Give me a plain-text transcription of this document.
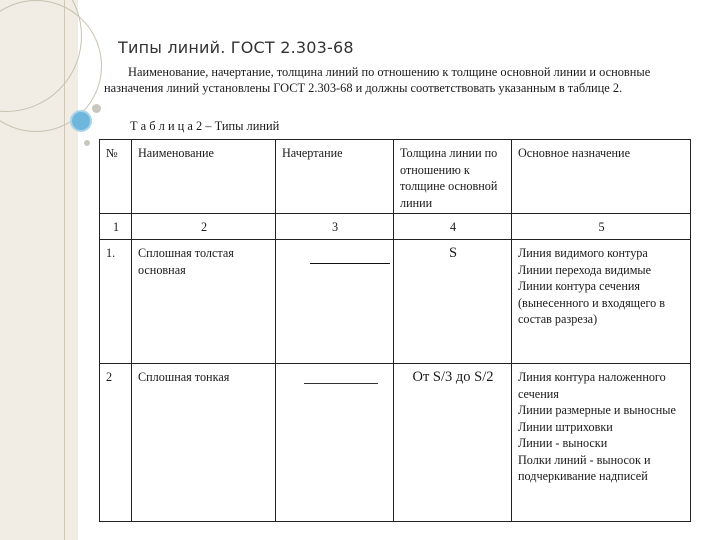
Типы линий. ГОСТ 2.303-68

Наименование, начертание, толщина линий по отношению к толщине основной линии и основные назначения линий установлены ГОСТ 2.303-68 и должны соответствовать указанным в таблице 2.

Т а б л и ц а 2 – Типы линий

№	Наименование	Начертание	Толщина линии по отношению к толщине основной линии	Основное назначение
1	2	3	4	5
1.	Сплошная толстая основная		S	Линия видимого контура
Линии перехода видимые
Линии контура сечения (вынесенного и входящего в состав разреза)

2	Сплошная тонкая		От S/3 до S/2	Линия контура наложенного сечения
Линии размерные и выносные
Линии штриховки
Линии - выноски
Полки линий - выносок и подчеркивание надписей
